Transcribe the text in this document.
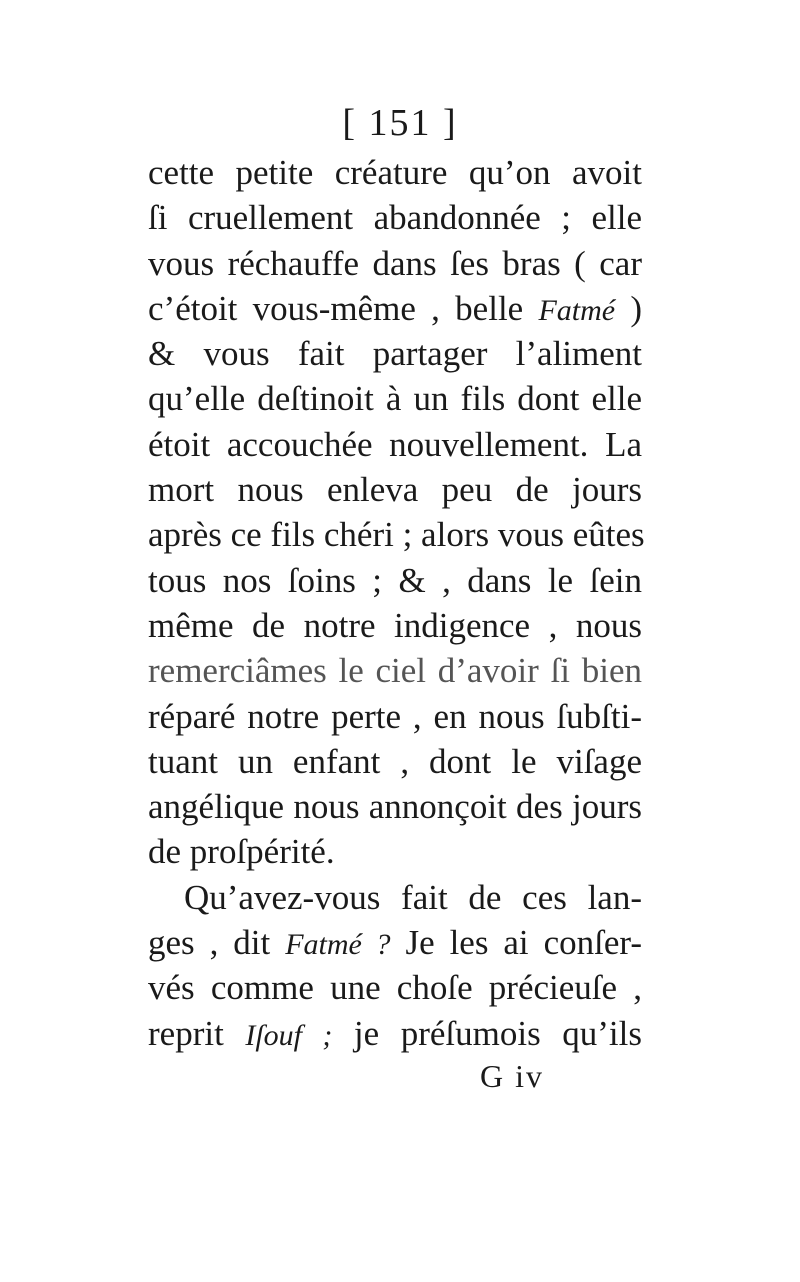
[ 151 ]
cette petite créature qu’on avoit
ſi cruellement abandonnée ; elle
vous réchauffe dans ſes bras ( car
c’étoit vous-même , belle Fatmé )
& vous fait partager l’aliment
qu’elle deſtinoit à un fils dont elle
étoit accouchée nouvellement. La
mort nous enleva peu de jours
après ce fils chéri ; alors vous eûtes
tous nos ſoins ; & , dans le ſein
même de notre indigence , nous
remerciâmes le ciel d’avoir ſi bien
réparé notre perte , en nous ſubſti-
tuant un enfant , dont le viſage
angélique nous annonçoit des jours
de proſpérité.
Qu’avez-vous fait de ces lan-
ges , dit Fatmé ? Je les ai conſer-
vés comme une choſe précieuſe ,
reprit Iſouf ; je préſumois qu’ils
G iv
